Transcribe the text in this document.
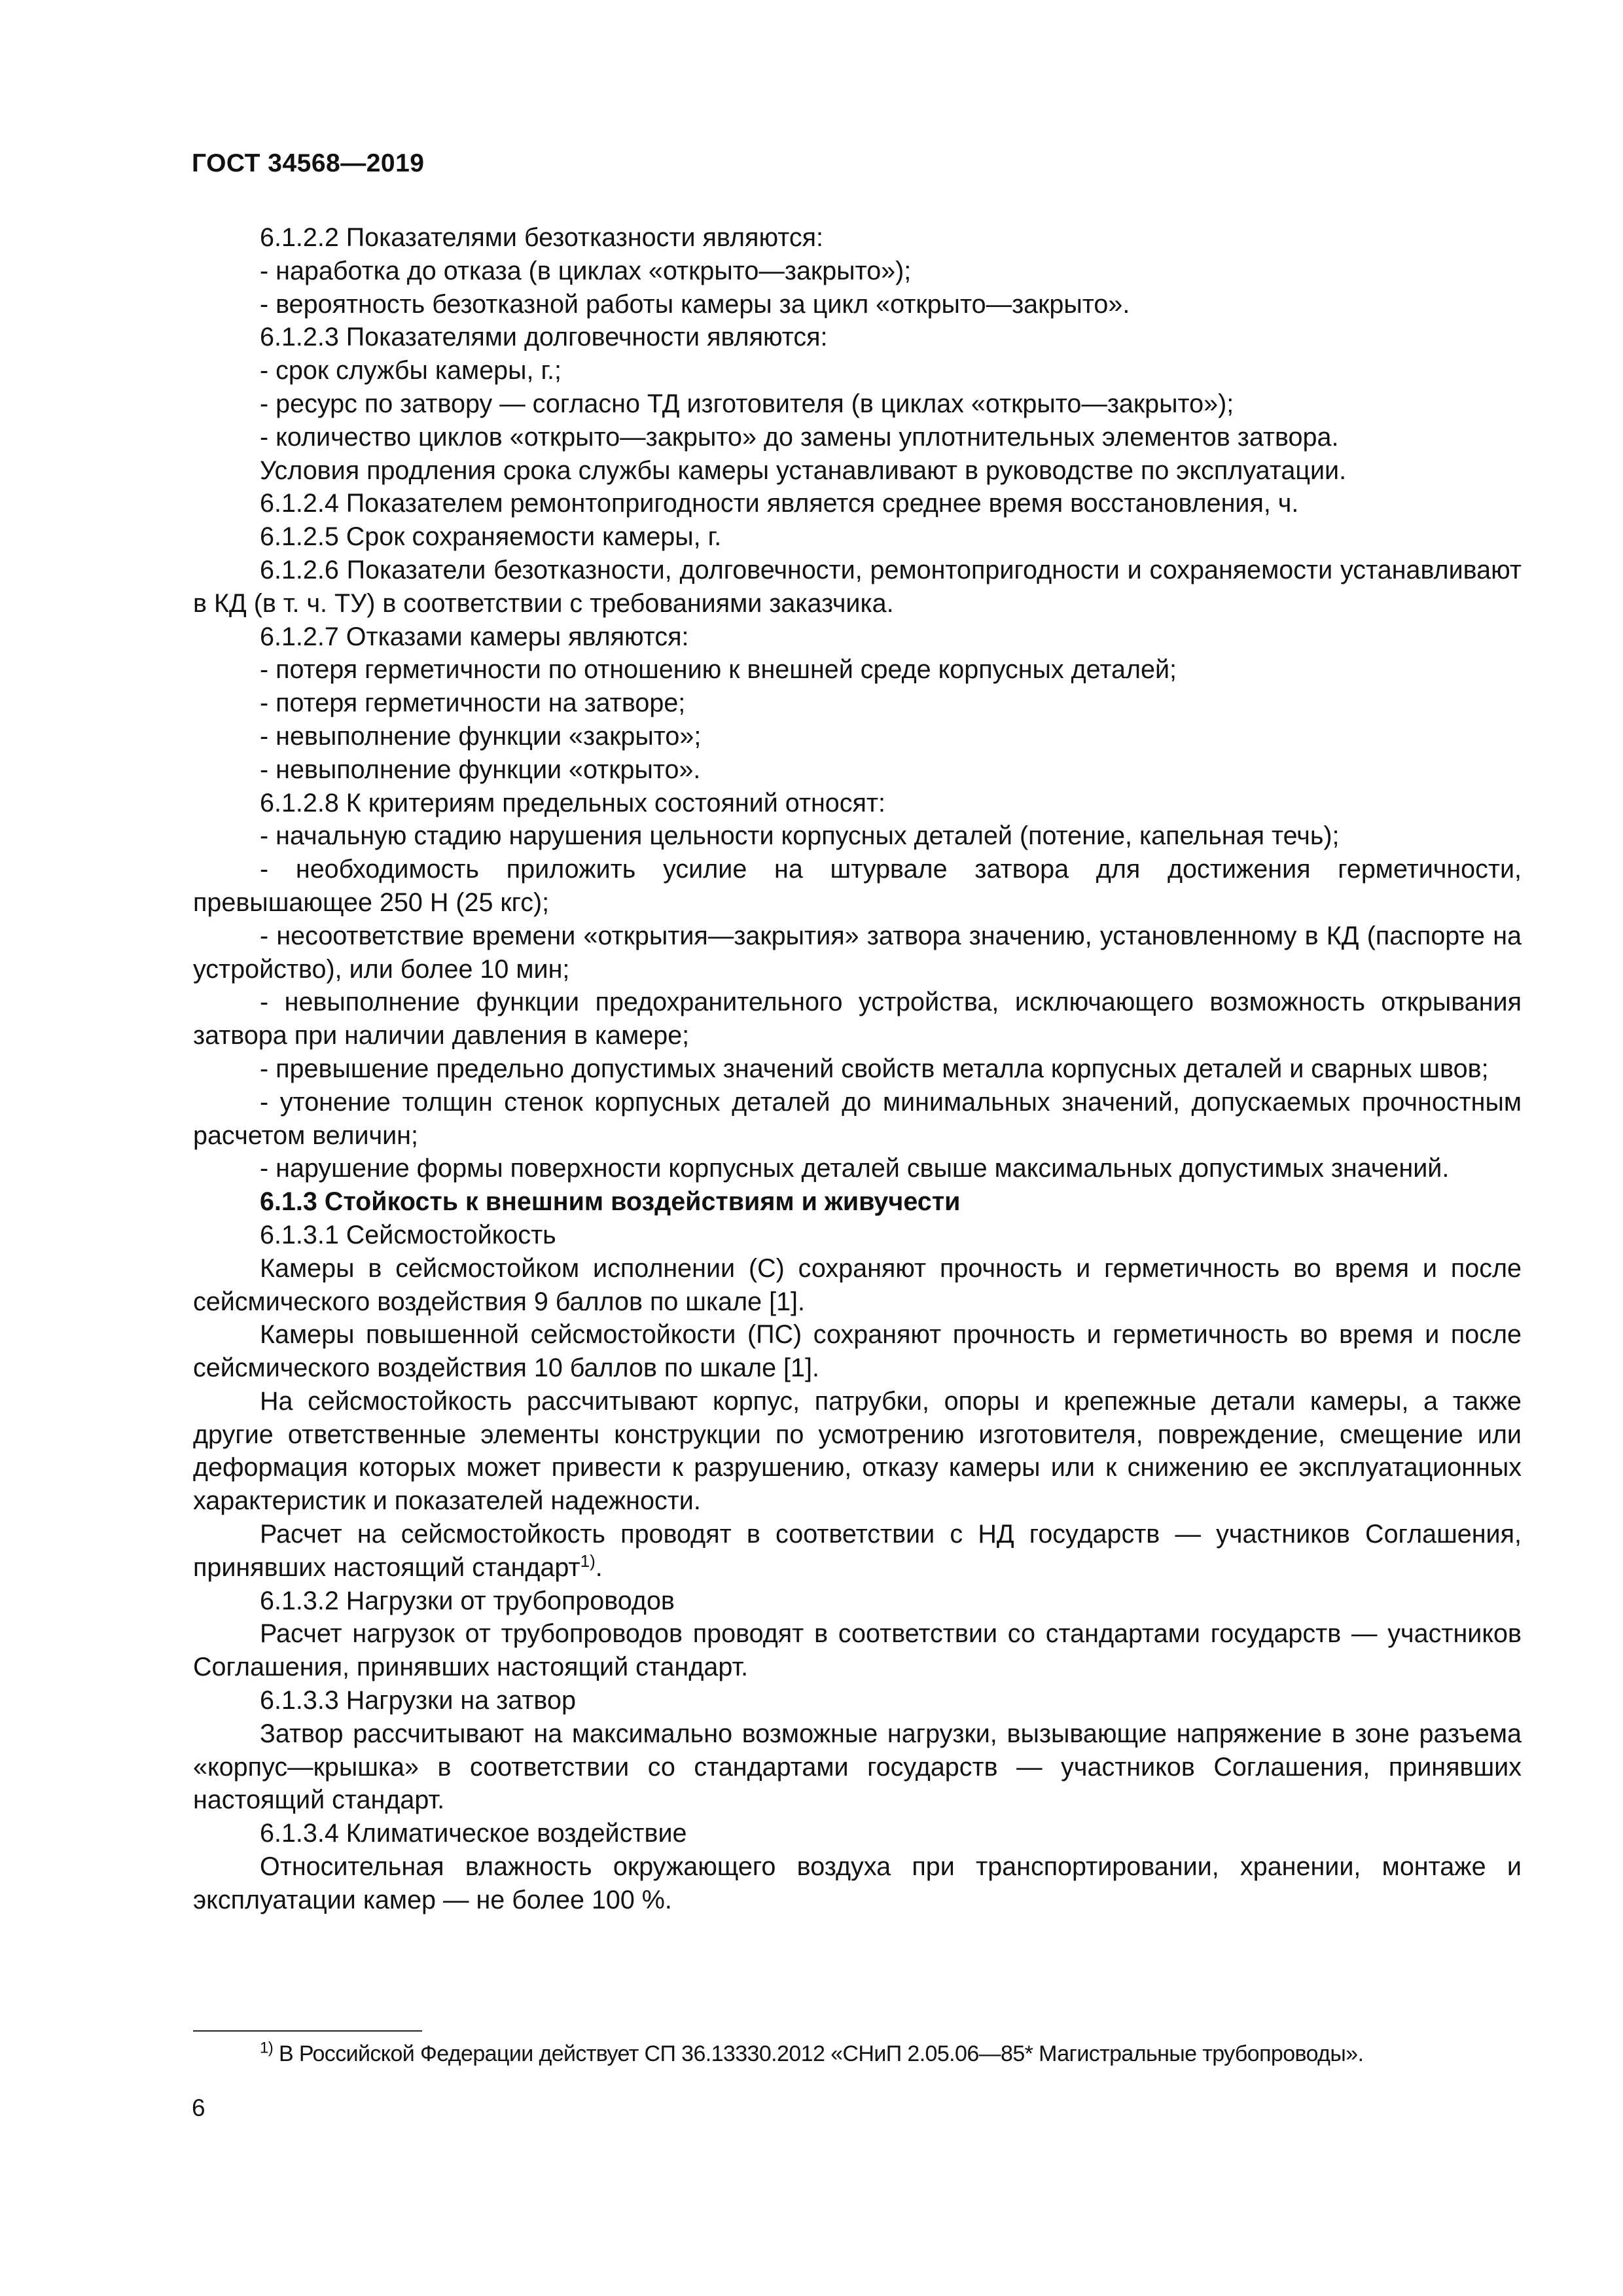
ГОСТ 34568—2019

6.1.2.2 Показателями безотказности являются:

- наработка до отказа (в циклах «открыто—закрыто»);

- вероятность безотказной работы камеры за цикл «открыто—закрыто».

6.1.2.3 Показателями долговечности являются:

- срок службы камеры, г.;

- ресурс по затвору — согласно ТД изготовителя (в циклах «открыто—закрыто»);

- количество циклов «открыто—закрыто» до замены уплотнительных элементов затвора.

Условия продления срока службы камеры устанавливают в руководстве по эксплуатации.

6.1.2.4 Показателем ремонтопригодности является среднее время восстановления, ч.

6.1.2.5 Срок сохраняемости камеры, г.

6.1.2.6 Показатели безотказности, долговечности, ремонтопригодности и сохраняемости устанавливают в КД (в т. ч. ТУ) в соответствии с требованиями заказчика.

6.1.2.7 Отказами камеры являются:

- потеря герметичности по отношению к внешней среде корпусных деталей;

- потеря герметичности на затворе;

- невыполнение функции «закрыто»;

- невыполнение функции «открыто».

6.1.2.8 К критериям предельных состояний относят:

- начальную стадию нарушения цельности корпусных деталей (потение, капельная течь);

- необходимость приложить усилие на штурвале затвора для достижения герметичности, превышающее 250 Н (25 кгс);

- несоответствие времени «открытия—закрытия» затвора значению, установленному в КД (паспорте на устройство), или более 10 мин;

- невыполнение функции предохранительного устройства, исключающего возможность открывания затвора при наличии давления в камере;

- превышение предельно допустимых значений свойств металла корпусных деталей и сварных швов;

- утонение толщин стенок корпусных деталей до минимальных значений, допускаемых прочностным расчетом величин;

- нарушение формы поверхности корпусных деталей свыше максимальных допустимых значений.

6.1.3 Стойкость к внешним воздействиям и живучести

6.1.3.1 Сейсмостойкость

Камеры в сейсмостойком исполнении (С) сохраняют прочность и герметичность во время и после сейсмического воздействия 9 баллов по шкале [1].

Камеры повышенной сейсмостойкости (ПС) сохраняют прочность и герметичность во время и после сейсмического воздействия 10 баллов по шкале [1].

На сейсмостойкость рассчитывают корпус, патрубки, опоры и крепежные детали камеры, а также другие ответственные элементы конструкции по усмотрению изготовителя, повреждение, смещение или деформация которых может привести к разрушению, отказу камеры или к снижению ее эксплуатационных характеристик и показателей надежности.

Расчет на сейсмостойкость проводят в соответствии с НД государств — участников Соглашения, принявших настоящий стандарт$^{1)}$.

6.1.3.2 Нагрузки от трубопроводов

Расчет нагрузок от трубопроводов проводят в соответствии со стандартами государств — участников Соглашения, принявших настоящий стандарт.

6.1.3.3 Нагрузки на затвор

Затвор рассчитывают на максимально возможные нагрузки, вызывающие напряжение в зоне разъема «корпус—крышка» в соответствии со стандартами государств — участников Соглашения, принявших настоящий стандарт.

6.1.3.4 Климатическое воздействие

Относительная влажность окружающего воздуха при транспортировании, хранении, монтаже и эксплуатации камер — не более 100 %.

$^{1)}$ В Российской Федерации действует СП 36.13330.2012 «СНиП 2.05.06—85* Магистральные трубопроводы».
6
